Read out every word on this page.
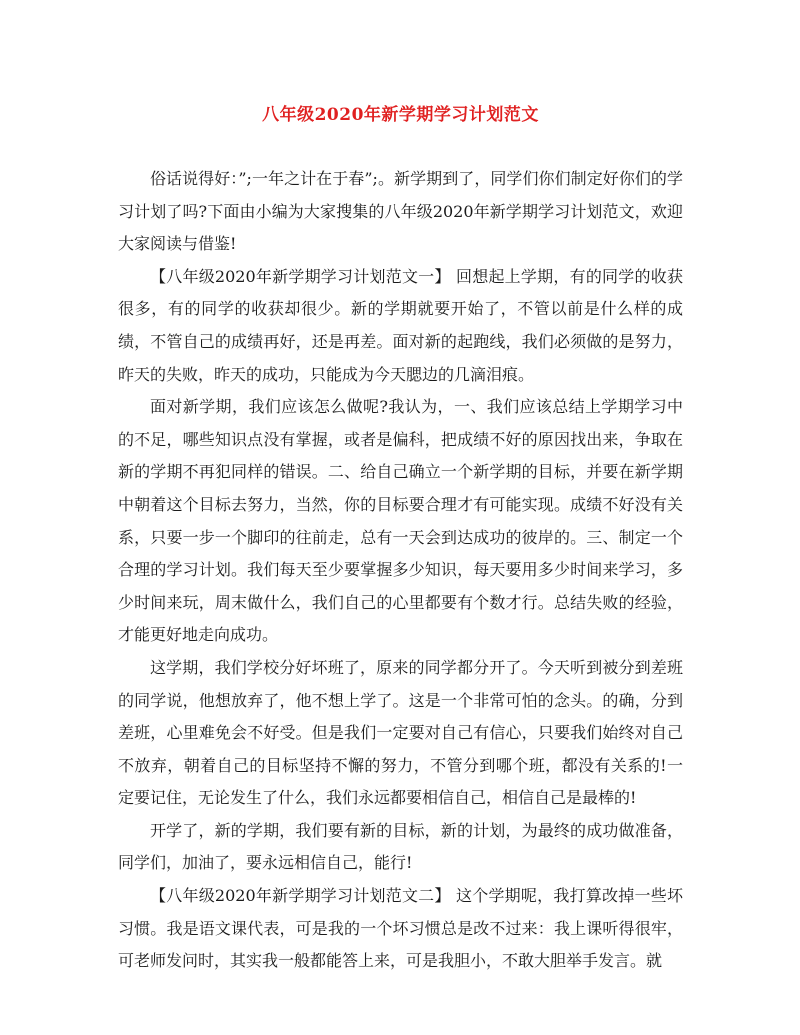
八年级2020年新学期学习计划范文

俗话说得好：”;一年之计在于春”;。新学期到了，同学们你们制定好你们的学习计划了吗?下面由小编为大家搜集的八年级2020年新学期学习计划范文，欢迎大家阅读与借鉴!

【八年级2020年新学期学习计划范文一】 回想起上学期，有的同学的收获很多，有的同学的收获却很少。新的学期就要开始了，不管以前是什么样的成绩，不管自己的成绩再好，还是再差。面对新的起跑线，我们必须做的是努力，昨天的失败，昨天的成功，只能成为今天腮边的几滴泪痕。

面对新学期，我们应该怎么做呢?我认为，一、我们应该总结上学期学习中的不足，哪些知识点没有掌握，或者是偏科，把成绩不好的原因找出来，争取在新的学期不再犯同样的错误。二、给自己确立一个新学期的目标，并要在新学期中朝着这个目标去努力，当然，你的目标要合理才有可能实现。成绩不好没有关系，只要一步一个脚印的往前走，总有一天会到达成功的彼岸的。三、制定一个合理的学习计划。我们每天至少要掌握多少知识，每天要用多少时间来学习，多少时间来玩，周末做什么，我们自己的心里都要有个数才行。总结失败的经验，才能更好地走向成功。

这学期，我们学校分好坏班了，原来的同学都分开了。今天听到被分到差班的同学说，他想放弃了，他不想上学了。这是一个非常可怕的念头。的确，分到差班，心里难免会不好受。但是我们一定要对自己有信心，只要我们始终对自己不放弃，朝着自己的目标坚持不懈的努力，不管分到哪个班，都没有关系的!一定要记住，无论发生了什么，我们永远都要相信自己，相信自己是最棒的!

开学了，新的学期，我们要有新的目标，新的计划，为最终的成功做准备，同学们，加油了，要永远相信自己，能行!

【八年级2020年新学期学习计划范文二】 这个学期呢，我打算改掉一些坏习惯。我是语文课代表，可是我的一个坏习惯总是改不过来：我上课听得很牢，可老师发问时，其实我一般都能答上来，可是我胆小，不敢大胆举手发言。就
